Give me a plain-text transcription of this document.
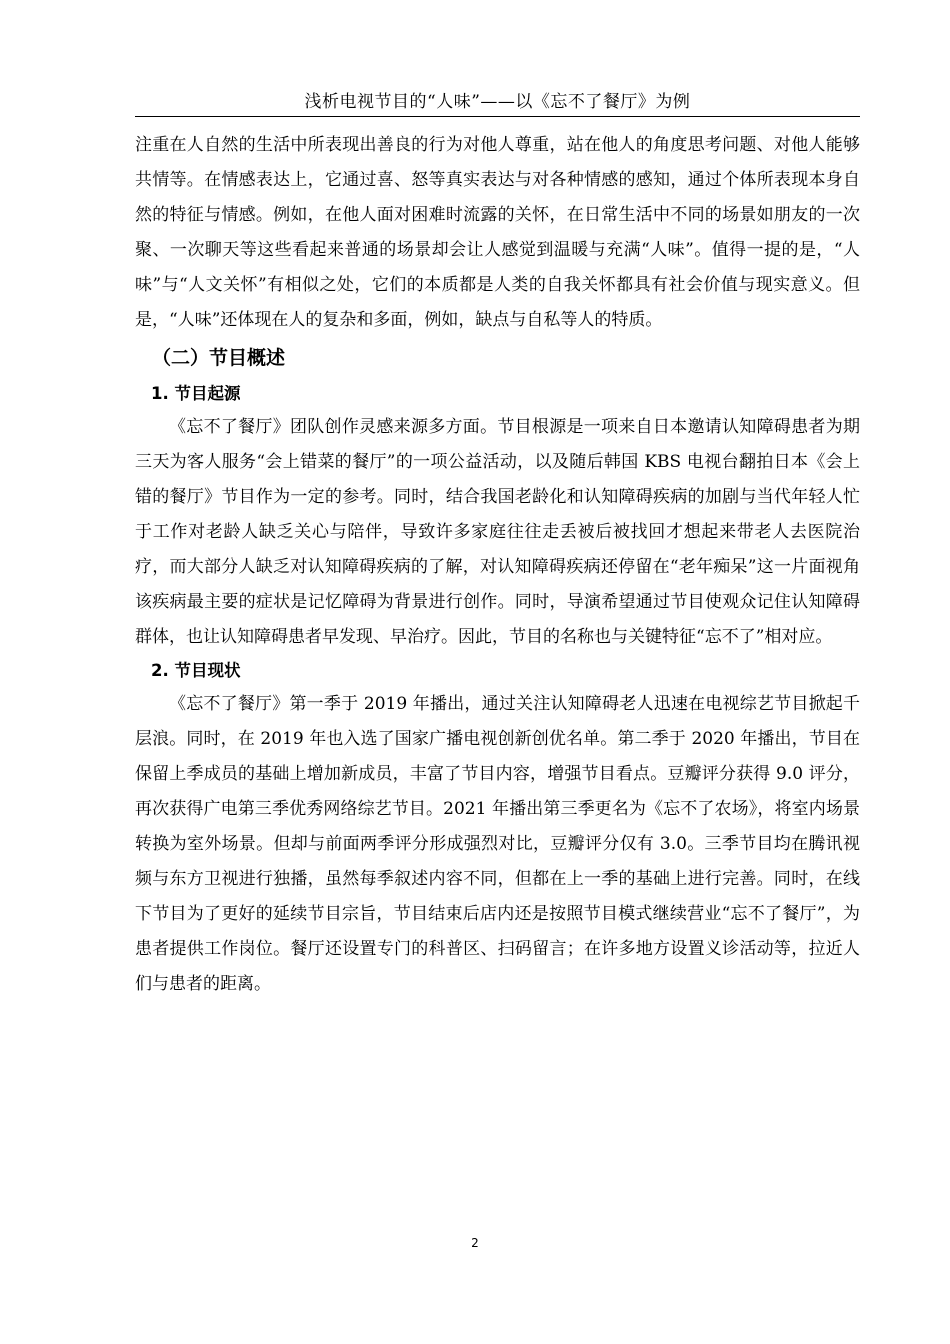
浅析电视节目的“人味”——以《忘不了餐厅》为例

注重在人自然的生活中所表现出善良的行为对他人尊重，站在他人的角度思考问题、对他人能够共情等。在情感表达上，它通过喜、怒等真实表达与对各种情感的感知，通过个体所表现本身自然的特征与情感。例如，在他人面对困难时流露的关怀，在日常生活中不同的场景如朋友的一次聚、一次聊天等这些看起来普通的场景却会让人感觉到温暖与充满“人味”。值得一提的是，“人味”与“人文关怀”有相似之处，它们的本质都是人类的自我关怀都具有社会价值与现实意义。但是，“人味”还体现在人的复杂和多面，例如，缺点与自私等人的特质。

（二）节目概述
1. 节目起源

《忘不了餐厅》团队创作灵感来源多方面。节目根源是一项来自日本邀请认知障碍患者为期三天为客人服务“会上错菜的餐厅”的一项公益活动，以及随后韩国 KBS 电视台翻拍日本《会上错的餐厅》节目作为一定的参考。同时，结合我国老龄化和认知障碍疾病的加剧与当代年轻人忙于工作对老龄人缺乏关心与陪伴，导致许多家庭往往走丢被后被找回才想起来带老人去医院治疗，而大部分人缺乏对认知障碍疾病的了解，对认知障碍疾病还停留在“老年痴呆”这一片面视角该疾病最主要的症状是记忆障碍为背景进行创作。同时，导演希望通过节目使观众记住认知障碍群体，也让认知障碍患者早发现、早治疗。因此，节目的名称也与关键特征“忘不了”相对应。

2. 节目现状

《忘不了餐厅》第一季于 2019 年播出，通过关注认知障碍老人迅速在电视综艺节目掀起千层浪。同时，在 2019 年也入选了国家广播电视创新创优名单。第二季于 2020 年播出，节目在保留上季成员的基础上增加新成员，丰富了节目内容，增强节目看点。豆瓣评分获得 9.0 评分，再次获得广电第三季优秀网络综艺节目。2021 年播出第三季更名为《忘不了农场》，将室内场景转换为室外场景。但却与前面两季评分形成强烈对比，豆瓣评分仅有 3.0。三季节目均在腾讯视频与东方卫视进行独播，虽然每季叙述内容不同，但都在上一季的基础上进行完善。同时，在线下节目为了更好的延续节目宗旨，节目结束后店内还是按照节目模式继续营业“忘不了餐厅”，为患者提供工作岗位。餐厅还设置专门的科普区、扫码留言；在许多地方设置义诊活动等，拉近人们与患者的距离。

2
